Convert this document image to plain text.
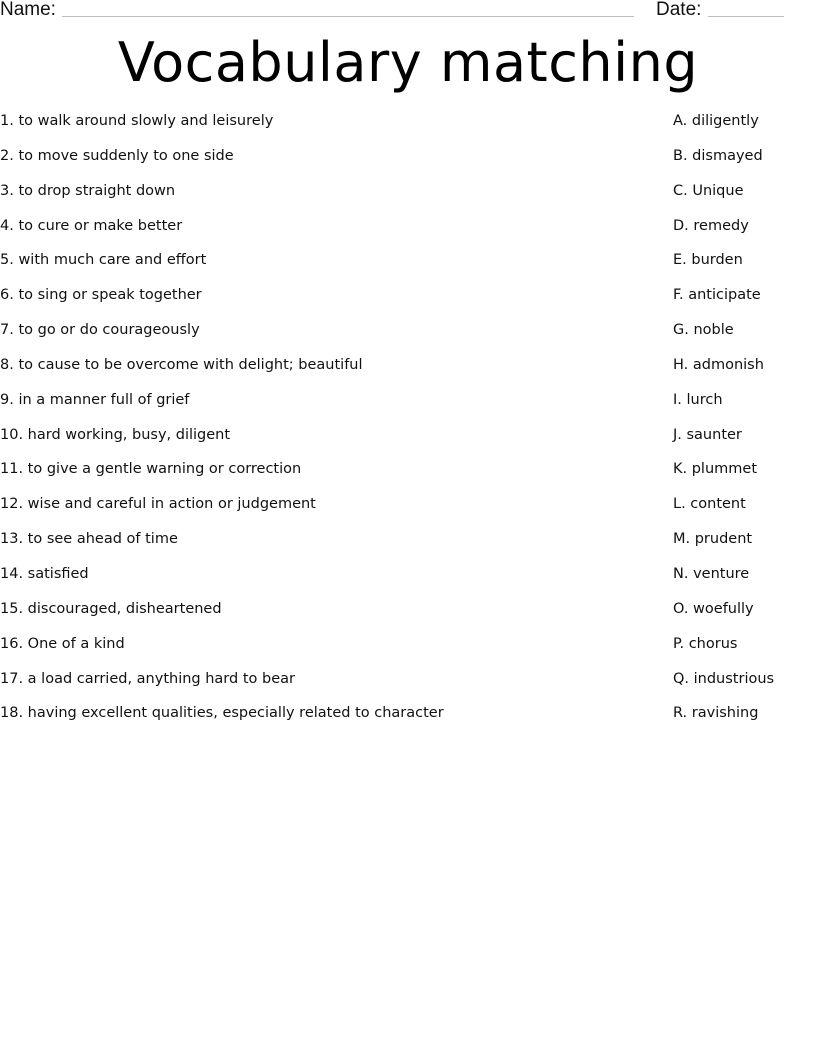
Name:	Date:
Vocabulary matching
1. to walk around slowly and leisurely
2. to move suddenly to one side
3. to drop straight down
4. to cure or make better
5. with much care and effort
6. to sing or speak together
7. to go or do courageously
8. to cause to be overcome with delight; beautiful
9. in a manner full of grief
10. hard working, busy, diligent
11. to give a gentle warning or correction
12. wise and careful in action or judgement
13. to see ahead of time
14. satisfied
15. discouraged, disheartened
16. One of a kind
17. a load carried, anything hard to bear
18. having excellent qualities, especially related to character
A. diligently
B. dismayed
C. Unique
D. remedy
E. burden
F. anticipate
G. noble
H. admonish
I. lurch
J. saunter
K. plummet
L. content
M. prudent
N. venture
O. woefully
P. chorus
Q. industrious
R. ravishing
